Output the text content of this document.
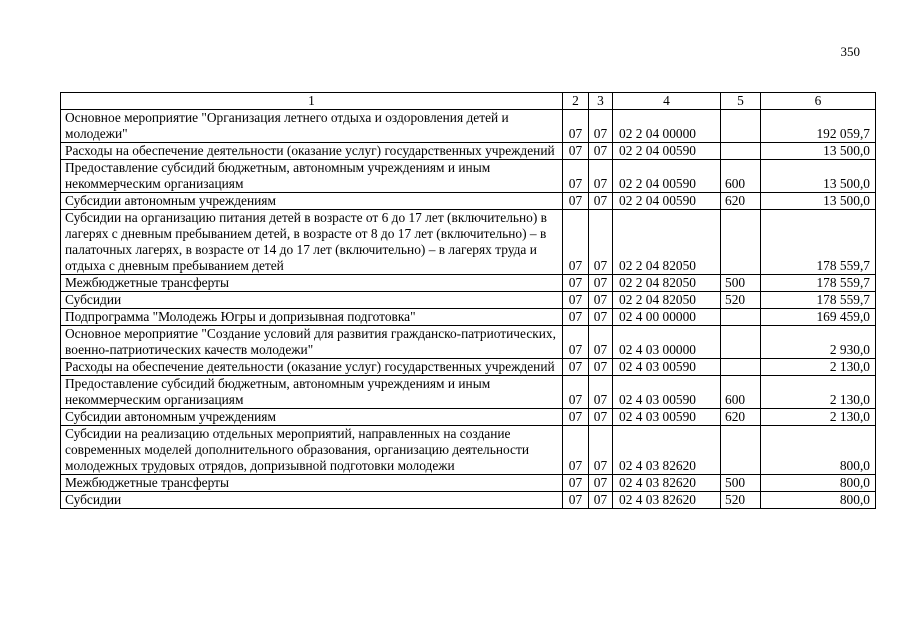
350
1	2	3	4	5	6
Основное мероприятие "Организация летнего отдыха и оздоровления детей и молодежи"	07	07	02 2 04 00000		192 059,7
Расходы на обеспечение деятельности (оказание услуг) государственных учреждений	07	07	02 2 04 00590		13 500,0
Предоставление субсидий бюджетным, автономным учреждениям и иным некоммерческим организациям	07	07	02 2 04 00590	600	13 500,0
Субсидии автономным учреждениям	07	07	02 2 04 00590	620	13 500,0
Субсидии на организацию питания детей в возрасте от 6 до 17 лет (включительно) в лагерях с дневным пребыванием детей, в возрасте от 8 до 17 лет (включительно) – в палаточных лагерях, в возрасте от 14 до 17 лет (включительно) – в лагерях труда и отдыха с дневным пребыванием детей	07	07	02 2 04 82050		178 559,7
Межбюджетные трансферты	07	07	02 2 04 82050	500	178 559,7
Субсидии	07	07	02 2 04 82050	520	178 559,7
Подпрограмма "Молодежь Югры и допризывная подготовка"	07	07	02 4 00 00000		169 459,0
Основное мероприятие "Создание условий для развития гражданско-патриотических, военно-патриотических качеств молодежи"	07	07	02 4 03 00000		2 930,0
Расходы на обеспечение деятельности (оказание услуг) государственных учреждений	07	07	02 4 03 00590		2 130,0
Предоставление субсидий бюджетным, автономным учреждениям и иным некоммерческим организациям	07	07	02 4 03 00590	600	2 130,0
Субсидии автономным учреждениям	07	07	02 4 03 00590	620	2 130,0
Субсидии на реализацию отдельных мероприятий, направленных на создание современных моделей дополнительного образования, организацию деятельности молодежных трудовых отрядов, допризывной подготовки молодежи	07	07	02 4 03 82620		800,0
Межбюджетные трансферты	07	07	02 4 03 82620	500	800,0
Субсидии	07	07	02 4 03 82620	520	800,0
